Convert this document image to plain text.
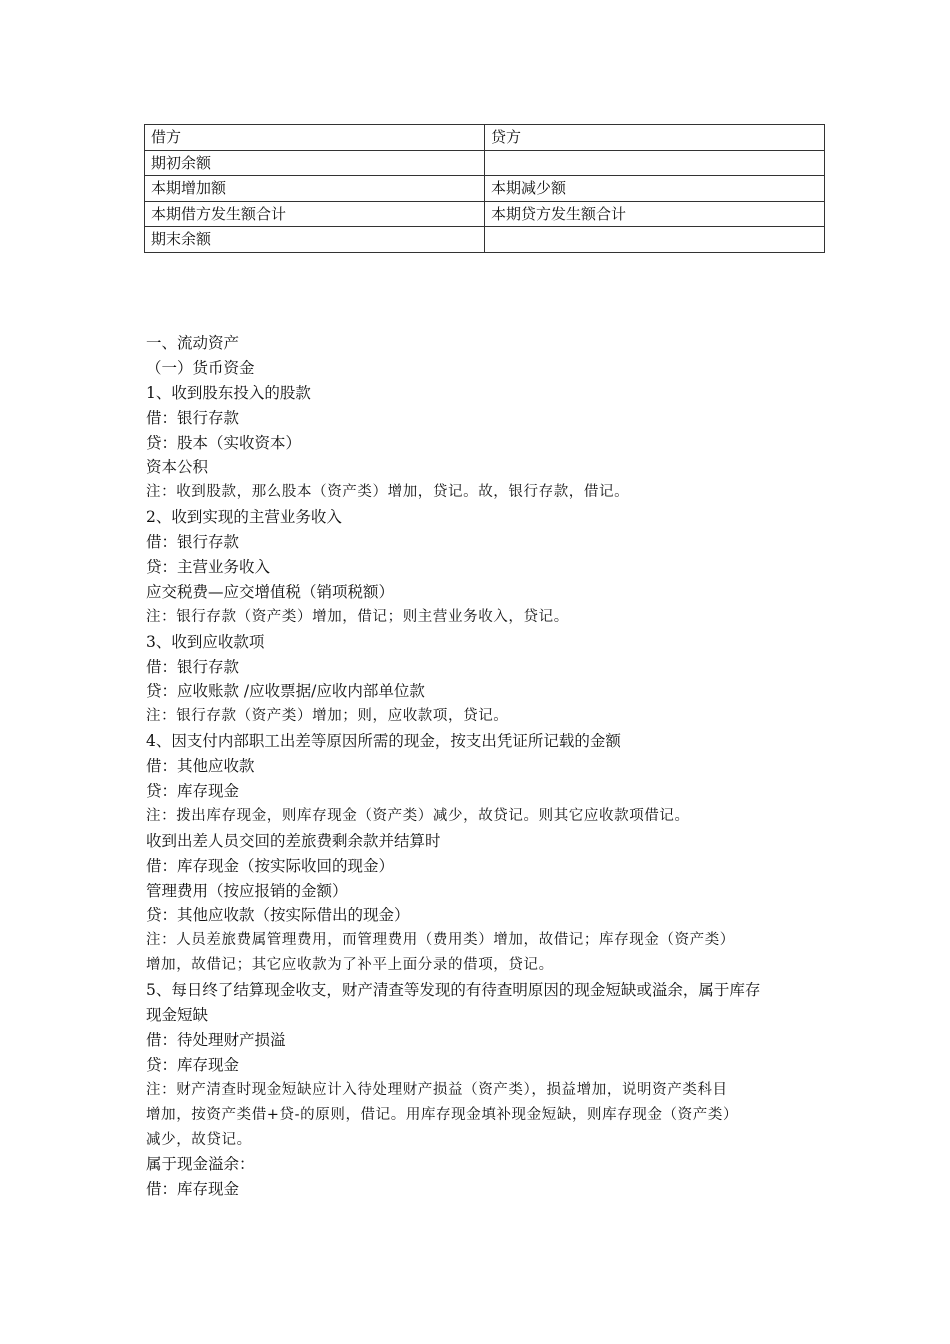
借方	贷方
期初余额	
本期增加额	本期减少额
本期借方发生额合计	本期贷方发生额合计
期末余额	
一、流动资产
（一）货币资金
1、收到股东投入的股款
借：银行存款
贷：股本（实收资本）
资本公积
注：收到股款，那么股本（资产类）增加，贷记。故，银行存款，借记。
2、收到实现的主营业务收入
借：银行存款
贷：主营业务收入
应交税费—应交增值税（销项税额）
注：银行存款（资产类）增加，借记；则主营业务收入，贷记。
3、收到应收款项
借：银行存款
贷：应收账款 /应收票据/应收内部单位款
注：银行存款（资产类）增加；则，应收款项，贷记。
4、因支付内部职工出差等原因所需的现金，按支出凭证所记载的金额
借：其他应收款
贷：库存现金
注：拨出库存现金，则库存现金（资产类）减少，故贷记。则其它应收款项借记。
收到出差人员交回的差旅费剩余款并结算时
借：库存现金（按实际收回的现金）
管理费用（按应报销的金额）
贷：其他应收款（按实际借出的现金）
注：人员差旅费属管理费用，而管理费用（费用类）增加，故借记；库存现金（资产类）
增加，故借记；其它应收款为了补平上面分录的借项，贷记。
5、每日终了结算现金收支，财产清查等发现的有待查明原因的现金短缺或溢余，属于库存
现金短缺
借：待处理财产损溢
贷：库存现金
注：财产清查时现金短缺应计入待处理财产损益（资产类），损益增加，说明资产类科目
增加，按资产类借+贷-的原则，借记。用库存现金填补现金短缺，则库存现金（资产类）
减少，故贷记。
属于现金溢余：
借：库存现金
